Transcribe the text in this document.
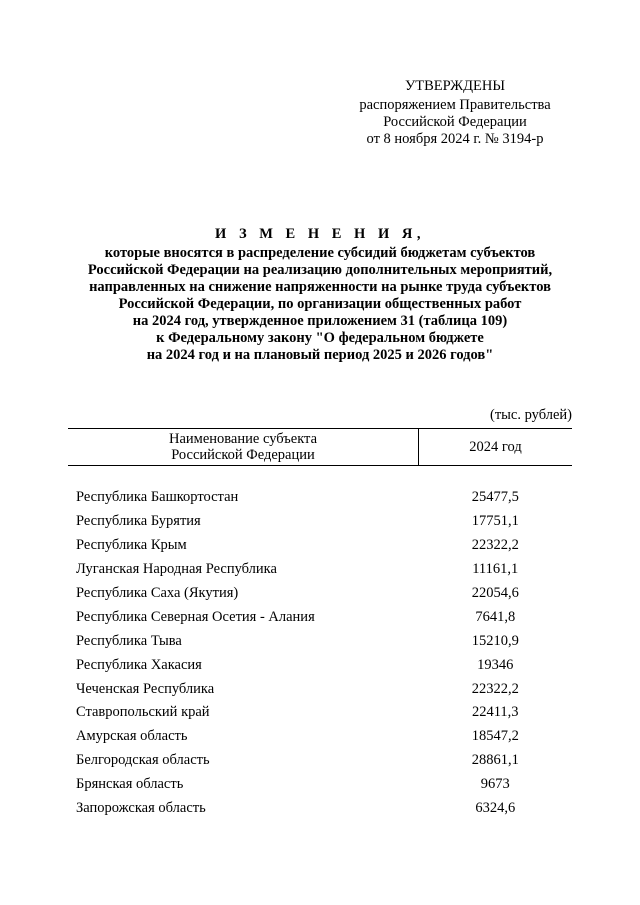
УТВЕРЖДЕНЫ
распоряжением Правительства
Российской Федерации
от 8 ноября 2024 г. № 3194-р
И З М Е Н Е Н И Я,
которые вносятся в распределение субсидий бюджетам субъектов
Российской Федерации на реализацию дополнительных мероприятий,
направленных на снижение напряженности на рынке труда субъектов
Российской Федерации, по организации общественных работ
на 2024 год, утвержденное приложением 31 (таблица 109)
к Федеральному закону "О федеральном бюджете
на 2024 год и на плановый период 2025 и 2026 годов"
(тыс. рублей)
Наименование субъекта
Российской Федерации	2024 год

Республика Башкортостан	25477,5
Республика Бурятия	17751,1
Республика Крым	22322,2
Луганская Народная Республика	11161,1
Республика Саха (Якутия)	22054,6
Республика Северная Осетия - Алания	7641,8
Республика Тыва	15210,9
Республика Хакасия	19346
Чеченская Республика	22322,2
Ставропольский край	22411,3
Амурская область	18547,2
Белгородская область	28861,1
Брянская область	9673
Запорожская область	6324,6
